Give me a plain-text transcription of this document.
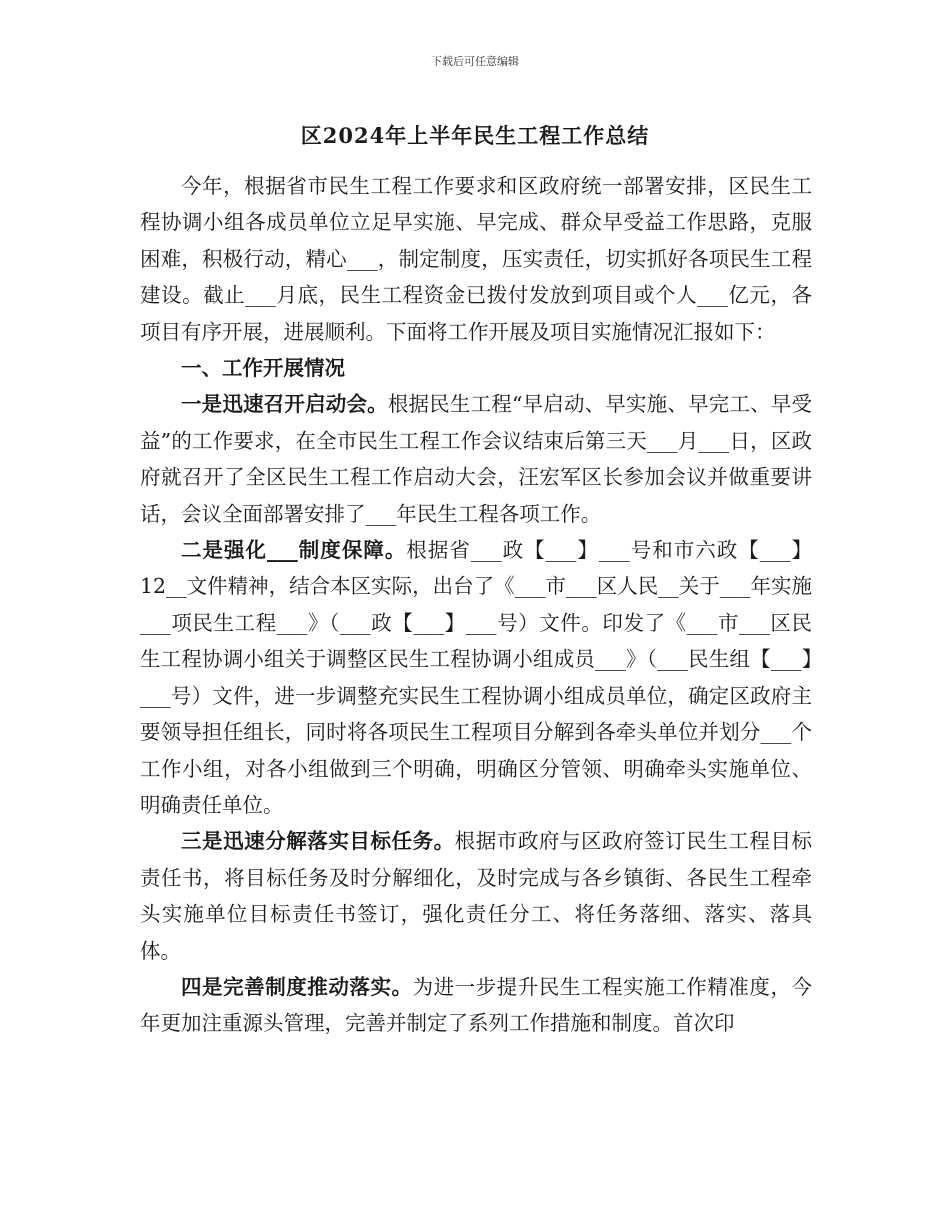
下载后可任意编辑
区2024年上半年民生工程工作总结

今年，根据省市民生工程工作要求和区政府统一部署安排，区民生工程协调小组各成员单位立足早实施、早完成、群众早受益工作思路，克服困难，积极行动，精心___，制定制度，压实责任，切实抓好各项民生工程建设。截止___月底，民生工程资金已拨付发放到项目或个人___亿元，各项目有序开展，进展顺利。下面将工作开展及项目实施情况汇报如下：

一、工作开展情况

一是迅速召开启动会。根据民生工程“早启动、早实施、早完工、早受益”的工作要求，在全市民生工程工作会议结束后第三天___月___日，区政府就召开了全区民生工程工作启动大会，汪宏军区长参加会议并做重要讲话，会议全面部署安排了___年民生工程各项工作。

二是强化___制度保障。根据省___政【___】___号和市六政【___】12__文件精神，结合本区实际，出台了《___市___区人民__关于___年实施___项民生工程___》（___政【___】___号）文件。印发了《___市___区民生工程协调小组关于调整区民生工程协调小组成员___》（___民生组【___】___号）文件，进一步调整充实民生工程协调小组成员单位，确定区政府主要领导担任组长，同时将各项民生工程项目分解到各牵头单位并划分___个工作小组，对各小组做到三个明确，明确区分管领、明确牵头实施单位、明确责任单位。

三是迅速分解落实目标任务。根据市政府与区政府签订民生工程目标责任书，将目标任务及时分解细化，及时完成与各乡镇街、各民生工程牵头实施单位目标责任书签订，强化责任分工、将任务落细、落实、落具体。

四是完善制度推动落实。为进一步提升民生工程实施工作精准度，今年更加注重源头管理，完善并制定了系列工作措施和制度。首次印
